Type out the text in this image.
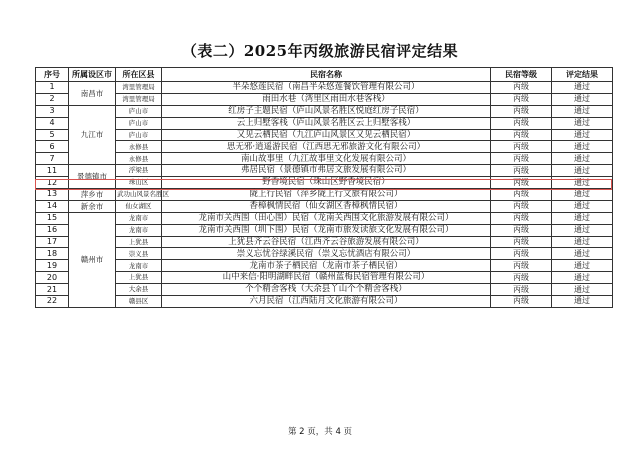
（表二）2025年丙级旅游民宿评定结果
序号	所属设区市	所在区县	民宿名称	民宿等级	评定结果
1	南昌市	湾里管理局	半朵悠莲民宿（南昌半朵悠莲餐饮管理有限公司）	丙级	通过
2		湾里管理局	雨田水巷（湾里区雨田水巷客栈）	丙级	通过
3	九江市	庐山市	红房子主题民宿（庐山风景名胜区悦庭红房子民宿）	丙级	通过
4		庐山市	云上归墅客栈（庐山风景名胜区云上归墅客栈）	丙级	通过
5		庐山市	又见云栖民宿（九江庐山风景区又见云栖民宿）	丙级	通过
6		永修县	思无邪·逍遥游民宿（江西思无邪旅游文化有限公司）	丙级	通过
7		永修县	南山故事里（九江故事里文化发展有限公司）	丙级	通过
11	景德镇市	浮梁县	弗居民宿（景德镇市弗居文旅发展有限公司）	丙级	通过
12		珠山区	野香境民宿（珠山区野香境民宿）	丙级	通过
13	萍乡市	武功山风景名胜区	陇上行民宿（萍乡陇上行文旅有限公司）	丙级	通过
14	新余市	仙女湖区	香樟枫情民宿（仙女湖区香樟枫情民宿）	丙级	通过
15	赣州市	龙南市	龙南市关西围（田心围）民宿（龙南关西围文化旅游发展有限公司）	丙级	通过
16		龙南市	龙南市关西围（圳下围）民宿（龙南市旅发读旅文化发展有限公司）	丙级	通过
17		上犹县	上犹县齐云谷民宿（江西齐云谷旅游发展有限公司）	丙级	通过
18		崇义县	崇义忘忧谷绿溪民宿（崇义忘忧酒店有限公司）	丙级	通过
19		龙南市	龙南市茶子栖民宿（龙南市茶子栖民宿）	丙级	通过
20		上犹县	山中来信·阳明湖畔民宿（赣州蓝梅民宿管理有限公司）	丙级	通过
21		大余县	个个精舍客栈（大余县丫山个个精舍客栈）	丙级	通过
22		赣县区	六月民宿（江西陆月文化旅游有限公司）	丙级	通过
第 2 页，共 4 页
